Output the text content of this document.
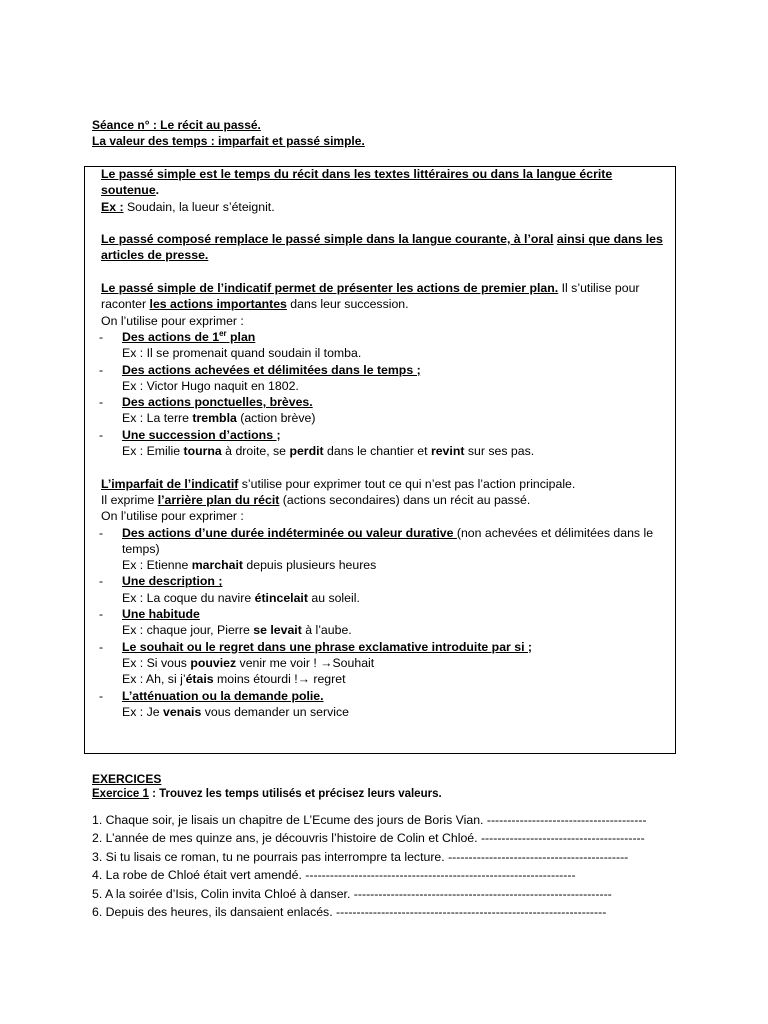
Séance n° : Le récit au passé.
La valeur des temps : imparfait et passé simple.

Le passé simple est le temps du récit dans les textes littéraires ou dans la langue écrite soutenue.

Ex : Soudain, la lueur s’éteignit.

Le passé composé remplace le passé simple dans la langue courante, à l’oral ainsi que dans les articles de presse.

Le passé simple de l’indicatif permet de présenter les actions de premier plan. Il s’utilise pour raconter les actions importantes dans leur succession.

On l’utilise pour exprimer :

- Des actions de 1er plan
Ex : Il se promenait quand soudain il tomba.
- Des actions achevées et délimitées dans le temps ;
Ex : Victor Hugo naquit en 1802.
- Des actions ponctuelles, brèves.
Ex : La terre trembla (action brève)
- Une succession d’actions ;
Ex : Emilie tourna à droite, se perdit dans le chantier et revint sur ses pas.

L’imparfait de l’indicatif s’utilise pour exprimer tout ce qui n’est pas l’action principale.

Il exprime l’arrière plan du récit (actions secondaires) dans un récit au passé.

On l’utilise pour exprimer :

- Des actions d’une durée indéterminée ou valeur durative (non achevées et délimitées dans le temps)
Ex : Etienne marchait depuis plusieurs heures
- Une description ;
Ex : La coque du navire étincelait au soleil.
- Une habitude
Ex : chaque jour, Pierre se levait à l’aube.
- Le souhait ou le regret dans une phrase exclamative introduite par si ;
Ex : Si vous pouviez venir me voir ! →Souhait
Ex : Ah, si j’étais moins étourdi !→ regret
- L’atténuation ou la demande polie.
Ex : Je venais vous demander un service
EXERCICES
Exercice 1 : Trouvez les temps utilisés et précisez leurs valeurs.
1. Chaque soir, je lisais un chapitre de L’Ecume des jours de Boris Vian. ---------------------------------------
2. L’année de mes quinze ans, je découvris l’histoire de Colin et Chloé. ----------------------------------------
3. Si tu lisais ce roman, tu ne pourrais pas interrompre ta lecture. --------------------------------------------
4. La robe de Chloé était vert amendé. ------------------------------------------------------------------
5. A la soirée d’Isis, Colin invita Chloé à danser. ---------------------------------------------------------------
6. Depuis des heures, ils dansaient enlacés. ------------------------------------------------------------------
